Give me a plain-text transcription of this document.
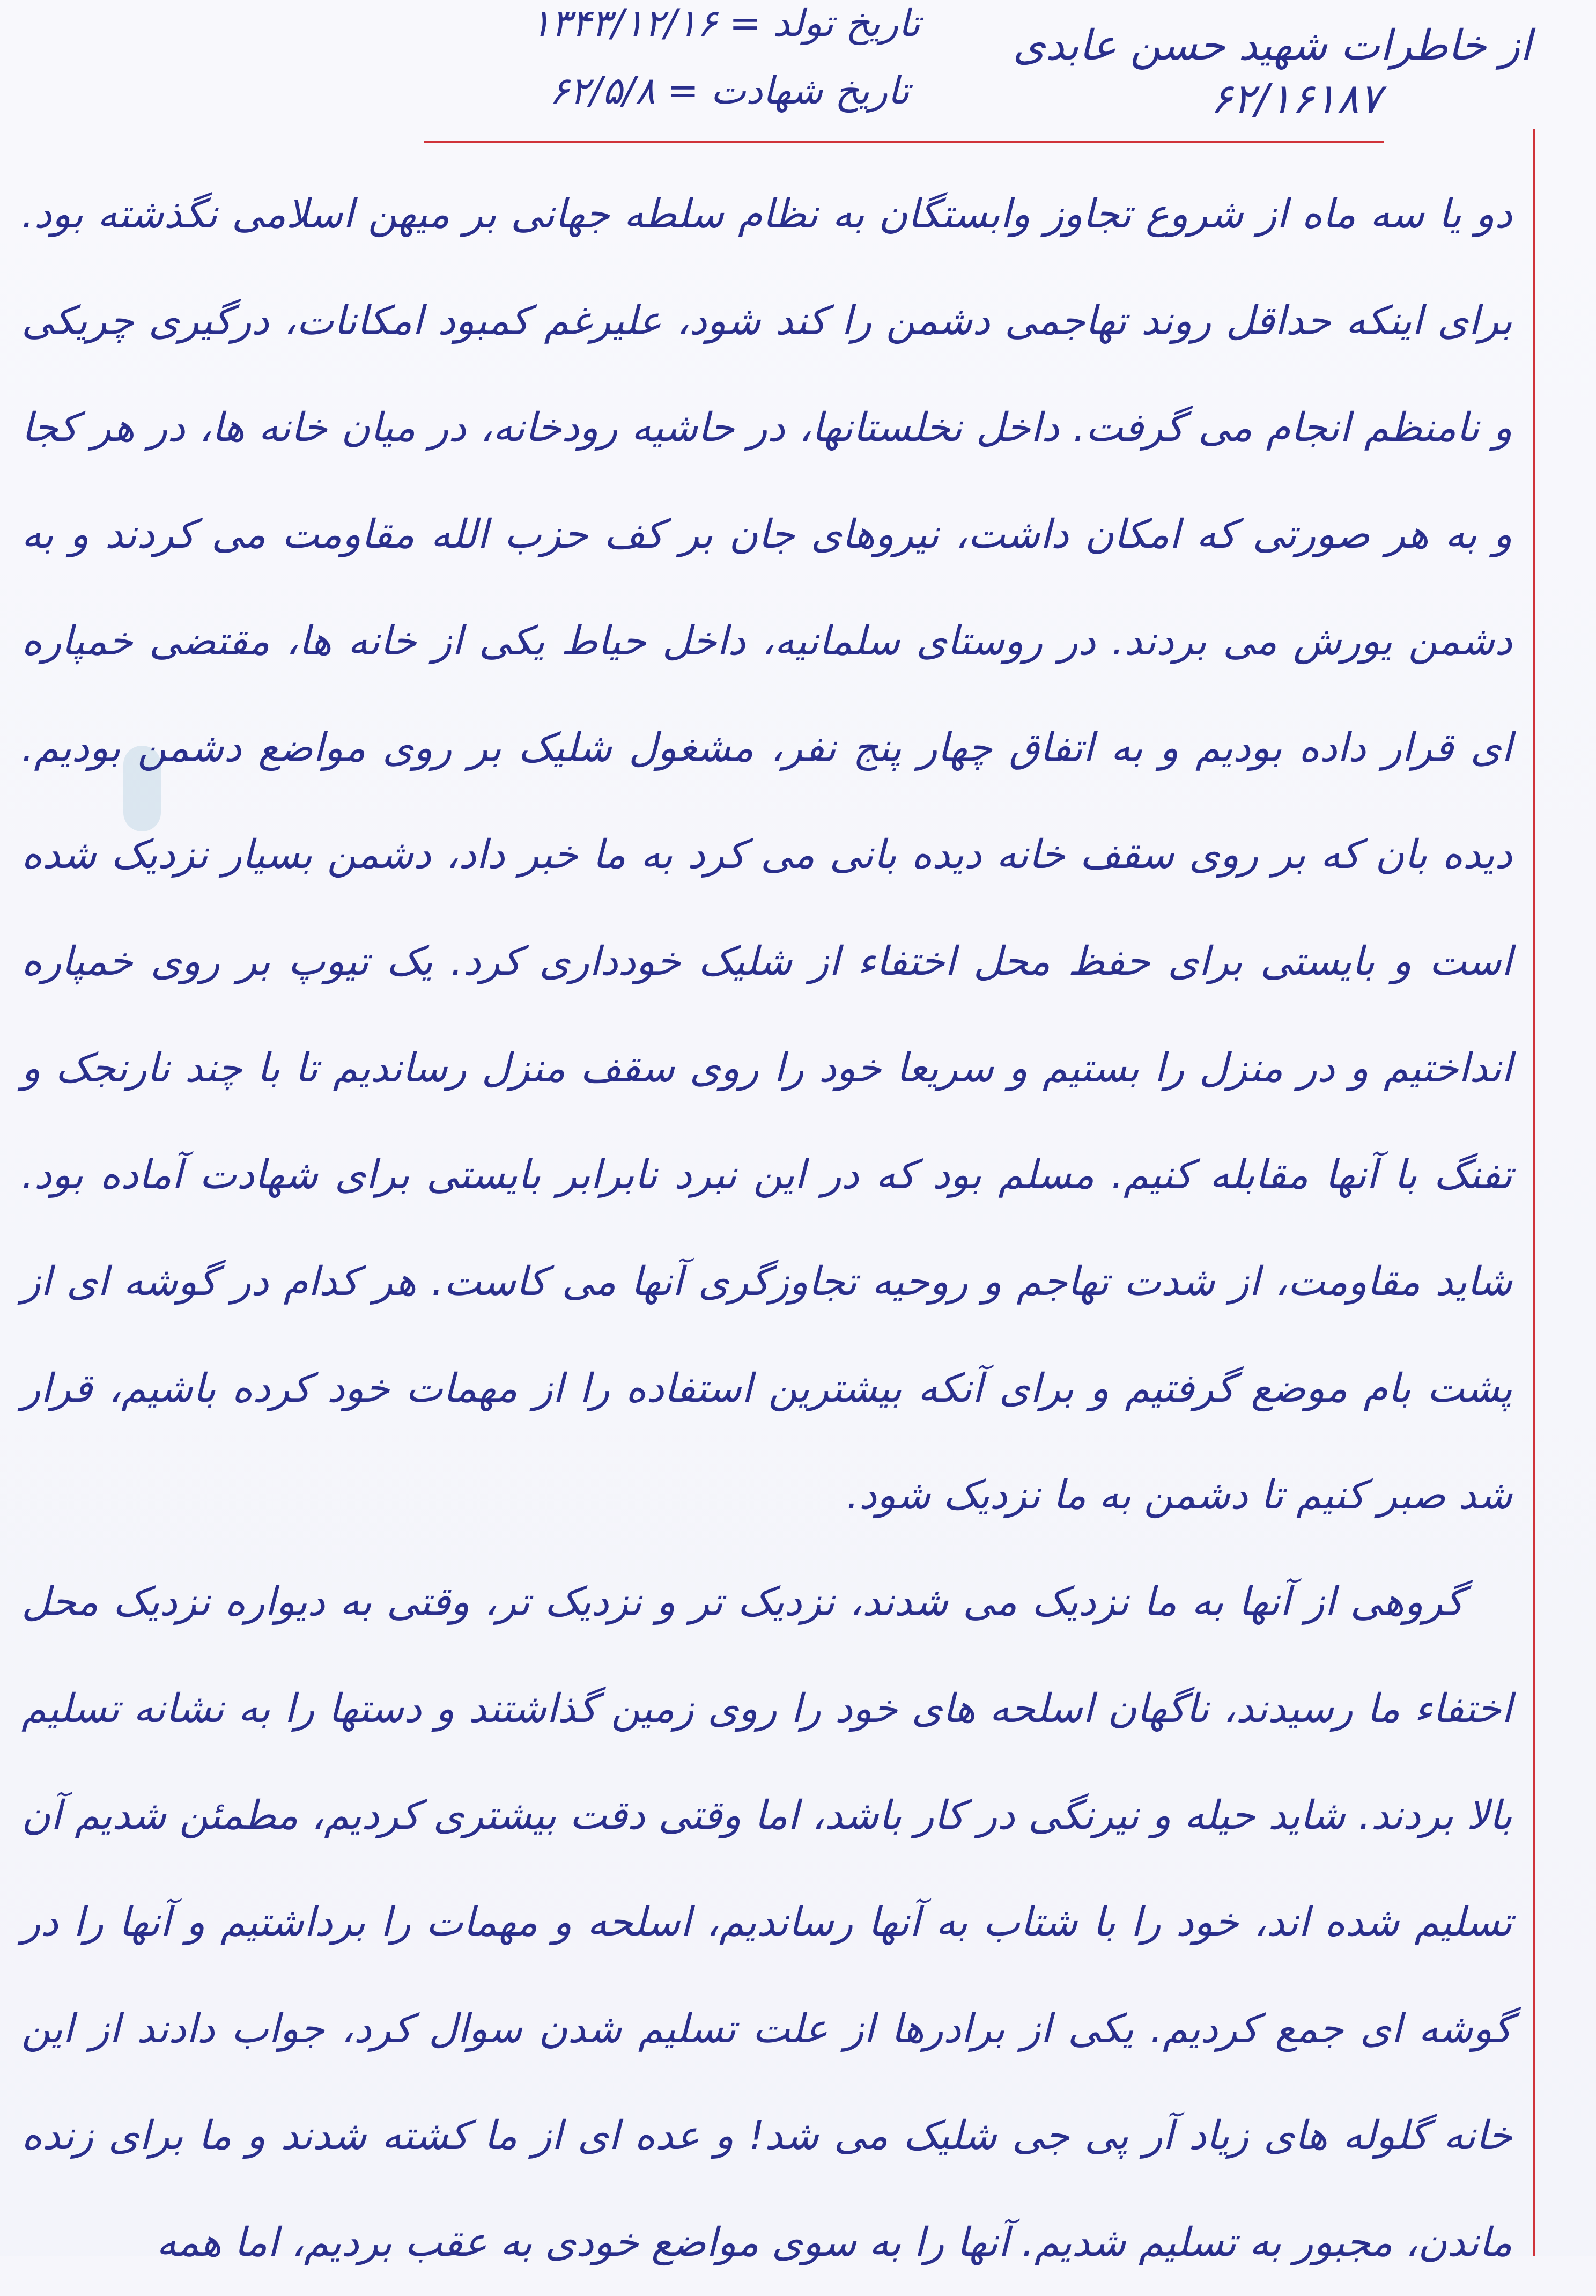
از خاطرات شهید حسن عابدی
۶۲/۱۶۱۸۷
تاریخ تولد = ۱۳۴۳/۱۲/۱۶
تاریخ شهادت = ۶۲/۵/۸

دو یا سه ماه از شروع تجاوز وابستگان به نظام سلطه جهانی بر میهن اسلامی نگذشته بود. برای اینکه حداقل روند تهاجمی دشمن را کند شود، علیرغم کمبود امکانات، درگیری چریکی و نامنظم انجام می گرفت. داخل نخلستانها، در حاشیه رودخانه، در میان خانه ها، در هر کجا و به هر صورتی که امکان داشت، نیروهای جان بر کف حزب الله مقاومت می کردند و به دشمن یورش می بردند. در روستای سلمانیه، داخل حیاط یکی از خانه ها، مقتضی خمپاره ای قرار داده بودیم و به اتفاق چهار پنج نفر، مشغول شلیک بر روی مواضع دشمن بودیم. دیده بان که بر روی سقف خانه دیده بانی می کرد به ما خبر داد، دشمن بسیار نزدیک شده است و بایستی برای حفظ محل اختفاء از شلیک خودداری کرد. یک تیوپ بر روی خمپاره انداختیم و در منزل را بستیم و سریعا خود را روی سقف منزل رساندیم تا با چند نارنجک و تفنگ با آنها مقابله کنیم. مسلم بود که در این نبرد نابرابر بایستی برای شهادت آماده بود. شاید مقاومت، از شدت تهاجم و روحیه تجاوزگری آنها می کاست. هر کدام در گوشه ای از پشت بام موضع گرفتیم و برای آنکه بیشترین استفاده را از مهمات خود کرده باشیم، قرار شد صبر کنیم تا دشمن به ما نزدیک شود.

گروهی از آنها به ما نزدیک می شدند، نزدیک تر و نزدیک تر، وقتی به دیواره نزدیک محل اختفاء ما رسیدند، ناگهان اسلحه های خود را روی زمین گذاشتند و دستها را به نشانه تسلیم بالا بردند. شاید حیله و نیرنگی در کار باشد، اما وقتی دقت بیشتری کردیم، مطمئن شدیم آن تسلیم شده اند، خود را با شتاب به آنها رساندیم، اسلحه و مهمات را برداشتیم و آنها را در گوشه ای جمع کردیم. یکی از برادرها از علت تسلیم شدن سوال کرد، جواب دادند از این خانه گلوله های زیاد آر پی جی شلیک می شد! و عده ای از ما کشته شدند و ما برای زنده ماندن، مجبور به تسلیم شدیم. آنها را به سوی مواضع خودی به عقب بردیم، اما همه
